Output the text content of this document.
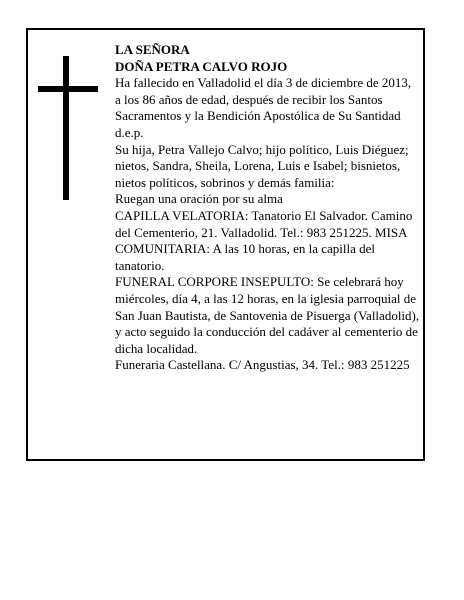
LA SEÑORA

DOÑA PETRA CALVO ROJO

Ha fallecido en Valladolid el día 3 de diciembre de 2013, a los 86 años de edad, después de recibir los Santos Sacramentos y la Bendición Apostólica de Su Santidad

d.e.p.

Su hija, Petra Vallejo Calvo; hijo político, Luis Diéguez; nietos, Sandra, Sheila, Lorena, Luis e Isabel; bisnietos, nietos políticos, sobrinos y demás familia:

Ruegan una oración por su alma

CAPILLA VELATORIA: Tanatorio El Salvador. Camino del Cementerio, 21. Valladolid. Tel.: 983 251225. MISA COMUNITARIA: A las 10 horas, en la capilla del tanatorio.

FUNERAL CORPORE INSEPULTO: Se celebrará hoy miércoles, día 4, a las 12 horas, en la iglesia parroquial de San Juan Bautista, de Santovenia de Pisuerga (Valladolid), y acto seguido la conducción del cadáver al cementerio de dicha localidad.

Funeraria Castellana. C/ Angustias, 34. Tel.: 983 251225
